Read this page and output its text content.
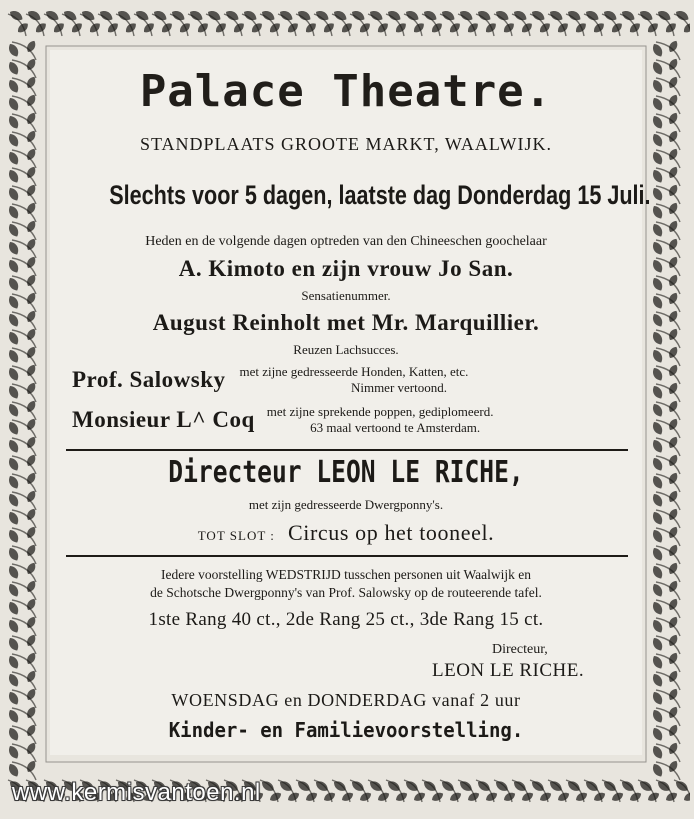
Palace Theatre.
STANDPLAATS GROOTE MARKT, WAALWIJK.
Slechts voor 5 dagen, laatste dag Donderdag 15 Juli.
Heden en de volgende dagen optreden van den Chineeschen goochelaar
A. Kimoto en zijn vrouw Jo San.
Sensatienummer.
August Reinholt met Mr. Marquillier.
Reuzen Lachsucces.
Prof. Salowsky met zijne gedresseerde Honden, Katten, etc.
Nimmer vertoond.
Monsieur L^ Coq met zijne sprekende poppen, gediplomeerd.
63 maal vertoond te Amsterdam.
Directeur LEON LE RICHE,
met zijn gedresseerde Dwergponny's.
TOT SLOT : Circus op het tooneel.
Iedere voorstelling WEDSTRIJD tusschen personen uit Waalwijk en
de Schotsche Dwergponny's van Prof. Salowsky op de routeerende tafel.
1ste Rang 40 ct., 2de Rang 25 ct., 3de Rang 15 ct.
Directeur,
LEON LE RICHE.
WOENSDAG en DONDERDAG vanaf 2 uur
Kinder- en Familievoorstelling.
www.kermisvantoen.nl
